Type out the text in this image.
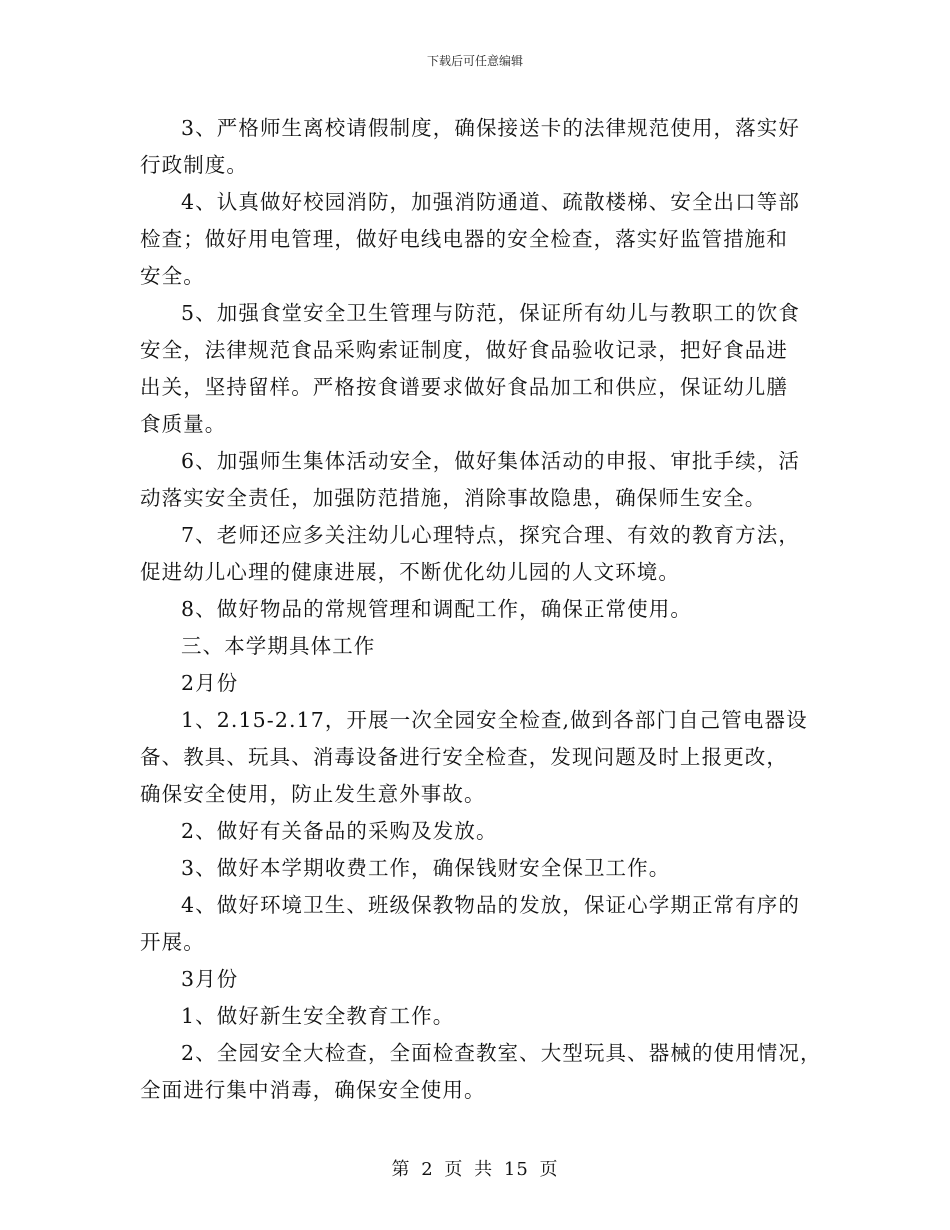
下载后可任意编辑

3、严格师生离校请假制度，确保接送卡的法律规范使用，落实好
行政制度。

4、认真做好校园消防，加强消防通道、疏散楼梯、安全出口等部
检查；做好用电管理，做好电线电器的安全检查，落实好监管措施和
安全。

5、加强食堂安全卫生管理与防范，保证所有幼儿与教职工的饮食
安全，法律规范食品采购索证制度，做好食品验收记录，把好食品进
出关，坚持留样。严格按食谱要求做好食品加工和供应，保证幼儿膳
食质量。

6、加强师生集体活动安全，做好集体活动的申报、审批手续，活
动落实安全责任，加强防范措施，消除事故隐患，确保师生安全。

7、老师还应多关注幼儿心理特点，探究合理、有效的教育方法，
促进幼儿心理的健康进展，不断优化幼儿园的人文环境。

8、做好物品的常规管理和调配工作，确保正常使用。

三、本学期具体工作

2月份

1、2.15-2.17，开展一次全园安全检查,做到各部门自己管电器设
备、教具、玩具、消毒设备进行安全检查，发现问题及时上报更改，
确保安全使用，防止发生意外事故。

2、做好有关备品的采购及发放。

3、做好本学期收费工作，确保钱财安全保卫工作。

4、做好环境卫生、班级保教物品的发放，保证心学期正常有序的
开展。

3月份

1、做好新生安全教育工作。

2、全园安全大检查，全面检查教室、大型玩具、器械的使用情况，
全面进行集中消毒，确保安全使用。

第 2 页 共 15 页
